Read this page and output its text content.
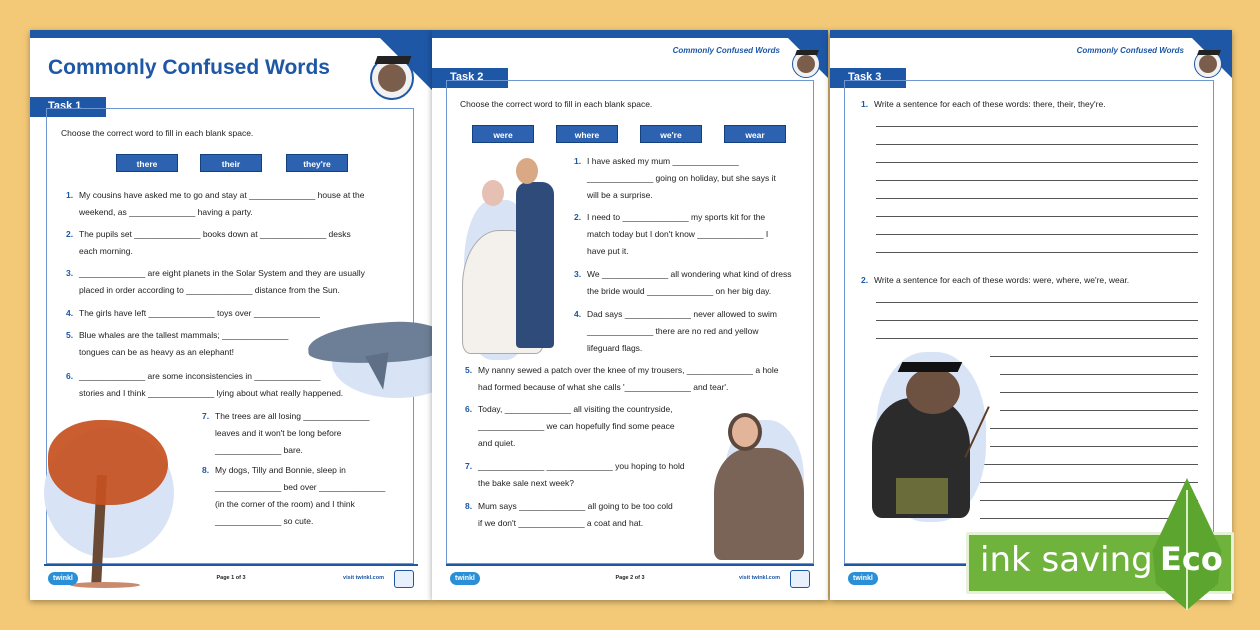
Commonly Confused Words
Task 1
Choose the correct word to fill in each blank space.
there	their	they're
1. My cousins have asked me to go and stay at ______________ house at the

weekend, as ______________ having a party.

2. The pupils set ______________ books down at ______________ desks

each morning.

3. ______________ are eight planets in the Solar System and they are usually

placed in order according to ______________ distance from the Sun.

4. The girls have left ______________ toys over ______________

5. Blue whales are the tallest mammals; ______________

tongues can be as heavy as an elephant!

6. ______________ are some inconsistencies in ______________

stories and I think ______________ lying about what really happened.

7. The trees are all losing ______________

leaves and it won't be long before

______________ bare.

8. My dogs, Tilly and Bonnie, sleep in

______________ bed over ______________

(in the corner of the room) and I think

______________ so cute.

twinkl	Page 1 of 3	visit twinkl.com
Commonly Confused Words
Task 2
Choose the correct word to fill in each blank space.
were	where	we're	wear
1. I have asked my mum ______________

______________ going on holiday, but she says it

will be a surprise.

2. I need to ______________ my sports kit for the

match today but I don't know ______________ I

have put it.

3. We ______________ all wondering what kind of dress

the bride would ______________ on her big day.

4. Dad says ______________ never allowed to swim

______________ there are no red and yellow

lifeguard flags.

5. My nanny sewed a patch over the knee of my trousers, ______________ a hole

had formed because of what she calls '______________ and tear'.

6. Today, ______________ all visiting the countryside,

______________ we can hopefully find some peace

and quiet.

7. ______________ ______________ you hoping to hold

the bake sale next week?

8. Mum says ______________ all going to be too cold

if we don't ______________ a coat and hat.

twinkl	Page 2 of 3	visit twinkl.com
Commonly Confused Words
Task 3
1. Write a sentence for each of these words: there, their, they're.

2. Write a sentence for each of these words: were, where, we're, wear.

twinkl	ink saving Eco
